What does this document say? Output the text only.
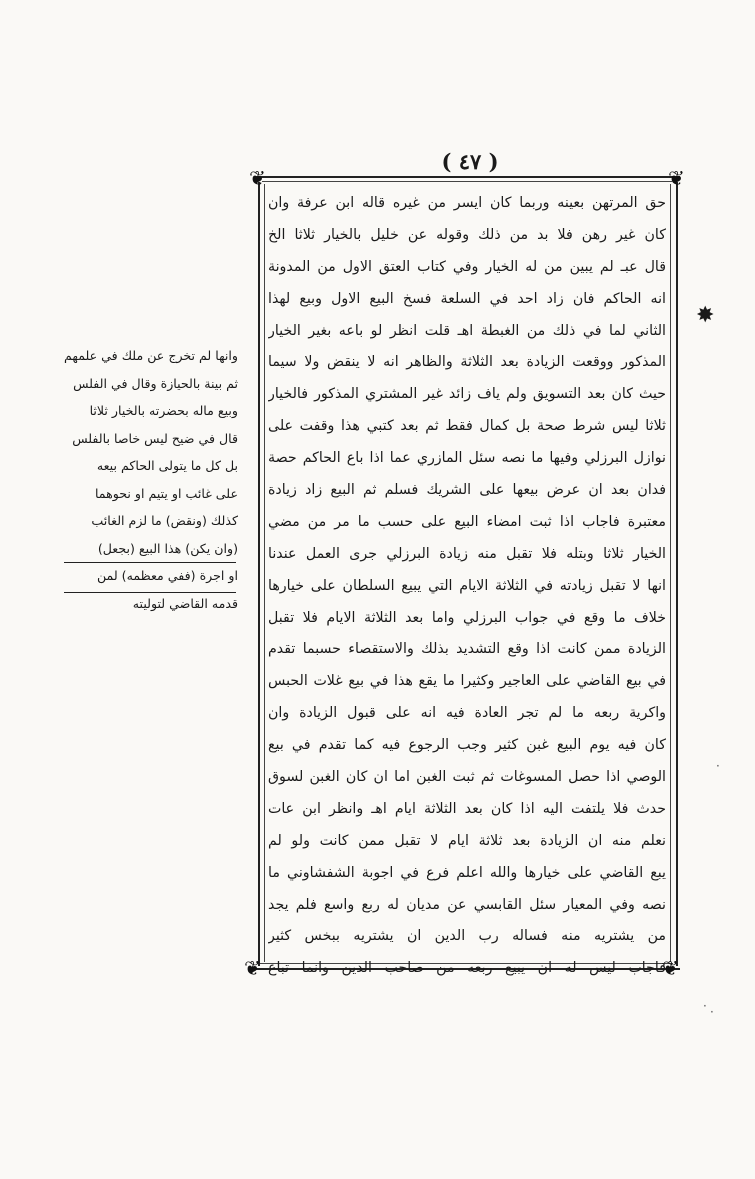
( ٤٧ )
❦	❦
❦	❦
حق المرتهن بعينه وربما كان ايسر من غيره قاله ابن عرفة وان
كان غير رهن فلا بد من ذلك وقوله عن خليل بالخيار ثلاثا الخ
قال عبـ لم يبين من له الخيار وفي كتاب العتق الاول من المدونة
انه الحاكم فان زاد احد في السلعة فسخ البيع الاول وبيع لهذا
الثاني لما في ذلك من الغبطة اهـ قلت انظر لو باعه بغير الخيار
المذكور ووقعت الزيادة بعد الثلاثة والظاهر انه لا ينقض ولا سيما
حيث كان بعد التسويق ولم ياف زائد غير المشتري المذكور فالخيار
ثلاثا ليس شرط صحة بل كمال فقط ثم بعد كتبي هذا وقفت على
نوازل البرزلي وفيها ما نصه سئل المازري عما اذا باع الحاكم حصة
فدان بعد ان عرض بيعها على الشريك فسلم ثم البيع زاد زيادة
معتبرة فاجاب اذا ثبت امضاء البيع على حسب ما مر من مضي
الخيار ثلاثا وبتله فلا تقبل منه زيادة البرزلي جرى العمل عندنا
انها لا تقبل زيادته في الثلاثة الايام التي يبيع السلطان على خيارها
خلاف ما وقع في جواب البرزلي واما بعد الثلاثة الايام فلا تقبل
الزيادة ممن كانت اذا وقع التشديد بذلك والاستقصاء حسبما تقدم
في بيع القاضي على العاجير وكثيرا ما يقع هذا في بيع غلات الحبس
واكرية ربعه ما لم تجر العادة فيه انه على قبول الزيادة وان
كان فيه يوم البيع غبن كثير وجب الرجوع فيه كما تقدم في بيع
الوصي اذا حصل المسوغات ثم ثبت الغبن اما ان كان الغبن لسوق
حدث فلا يلتفت اليه اذا كان بعد الثلاثة ايام اهـ وانظر ابن عات
نعلم منه ان الزيادة بعد ثلاثة ايام لا تقبل ممن كانت ولو لم
يبع القاضي على خيارها والله اعلم فرع في اجوبة الشفشاوني ما
نصه وفي المعيار سئل القابسي عن مديان له ربع واسع فلم يجد
من يشتريه منه فساله رب الدين ان يشتريه ببخس كثير
فاجاب ليس له ان يبيع ربعه من صاحب الدين وانما تباع
وانها لم تخرج عن ملك في علمهم
ثم بينة بالحيازة وقال في الفلس
وبيع ماله بحضرته بالخيار ثلاثا
قال في ضيح ليس خاصا بالفلس
بل كل ما يتولى الحاكم بيعه
على غائب او يتيم او نحوهما
كذلك (ونقض) ما لزم الغائب
(وان يكن) هذا البيع (بجعل)
او اجرة (ففي معظمه) لمن
قدمه القاضي لتوليته
✸
·
· ·
